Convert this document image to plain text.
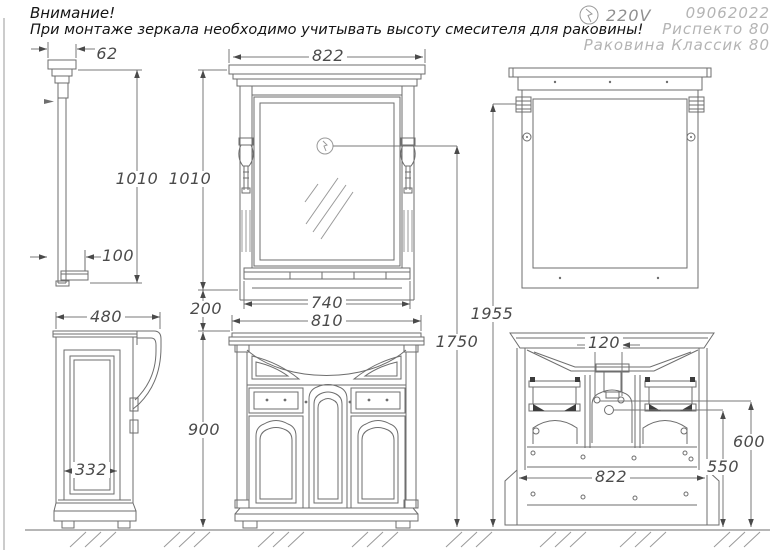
Внимание!
При монтаже зеркала необходимо учитывать высоту смесителя для раковины!
220V 09062022
Риспекто 80
Раковина Классик 80
62
1010
100
822
1010
200	740
810
480
332
900
1750
1955
120
822
600
550
